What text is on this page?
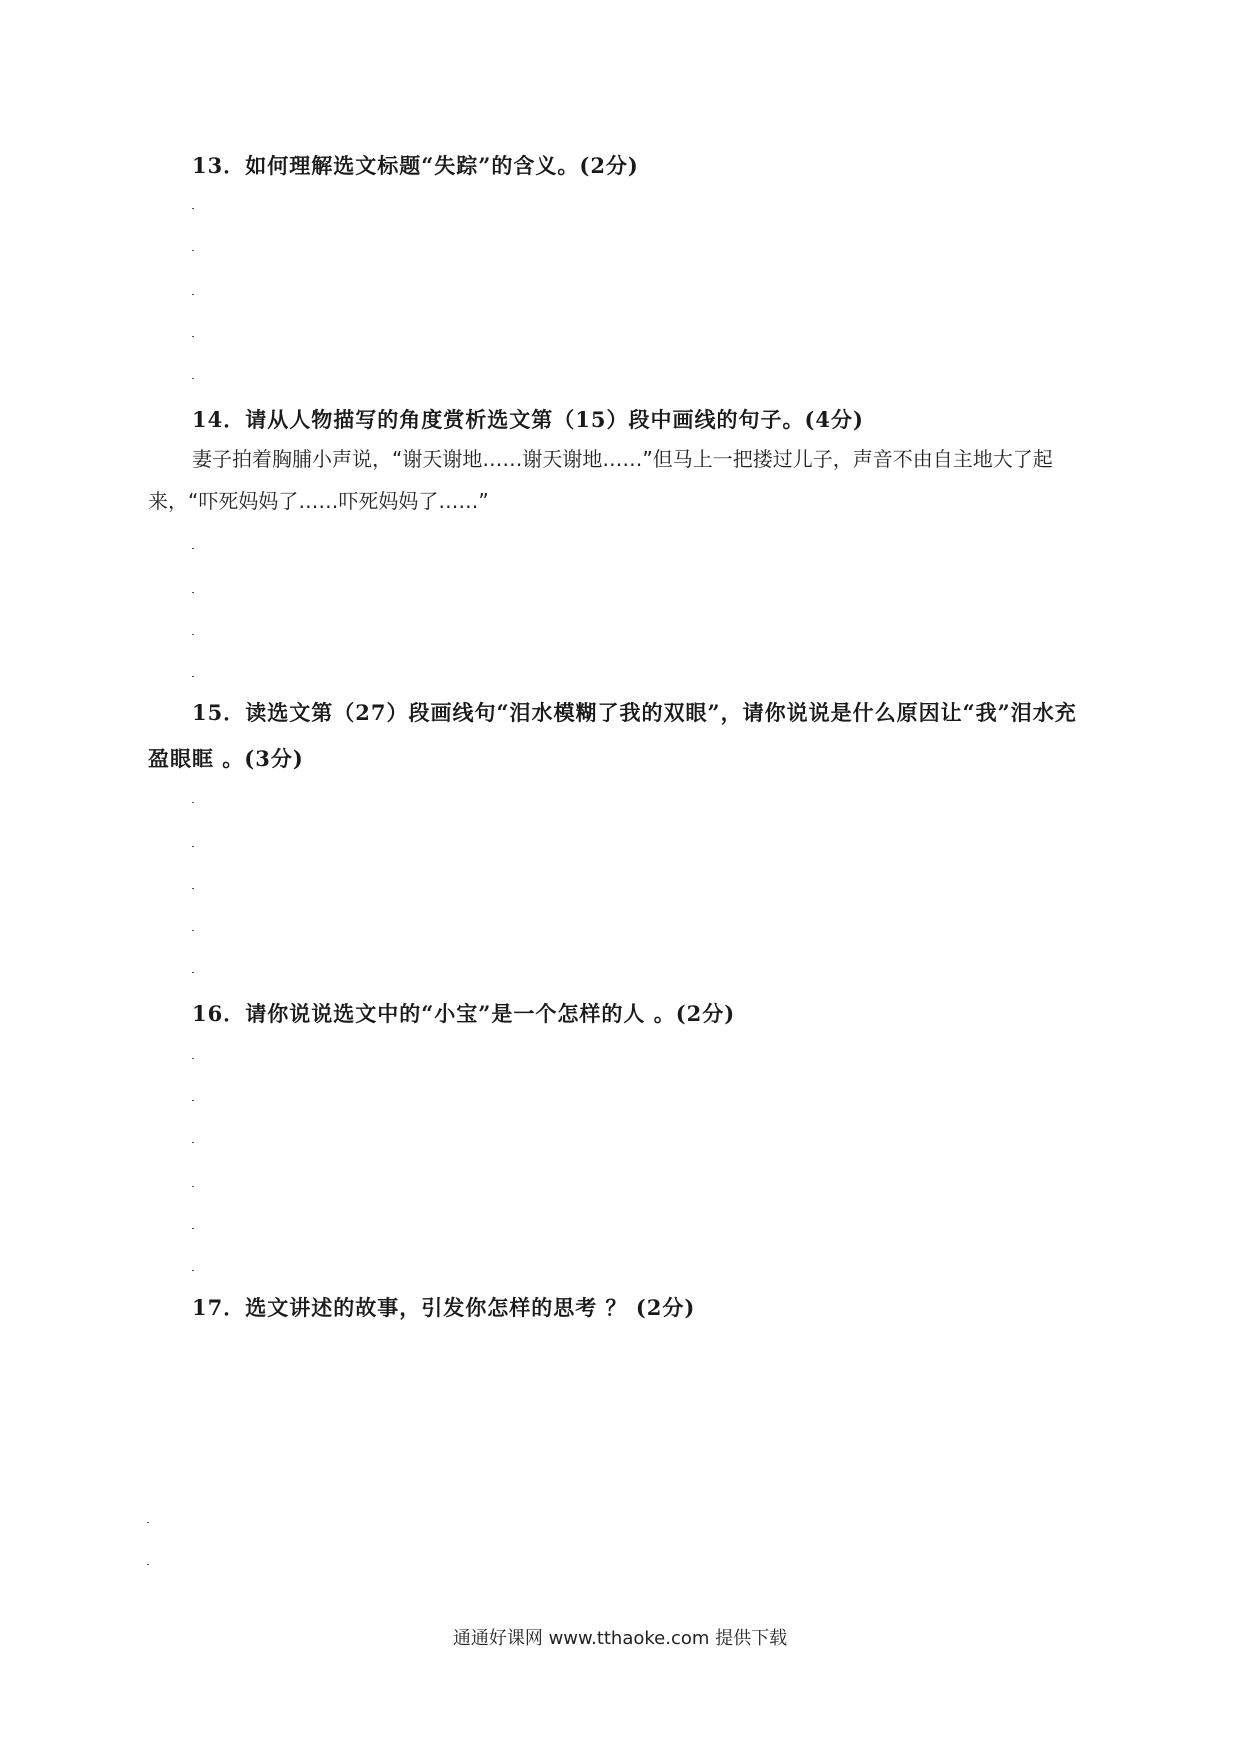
13．如何理解选文标题“失踪”的含义。(2分)
14．请从人物描写的角度赏析选文第（15）段中画线的句子。(4分)
妻子拍着胸脯小声说，“谢天谢地……谢天谢地……”但马上一把搂过儿子，声音不由自主地大了起来，“吓死妈妈了……吓死妈妈了……”
15．读选文第（27）段画线句“泪水模糊了我的双眼”，请你说说是什么原因让“我”泪水充盈眼眶 。(3分)
16．请你说说选文中的“小宝”是一个怎样的人 。(2分)
17．选文讲述的故事，引发你怎样的思考 ？ (2分)
通通好课网 www.tthaoke.com 提供下载
